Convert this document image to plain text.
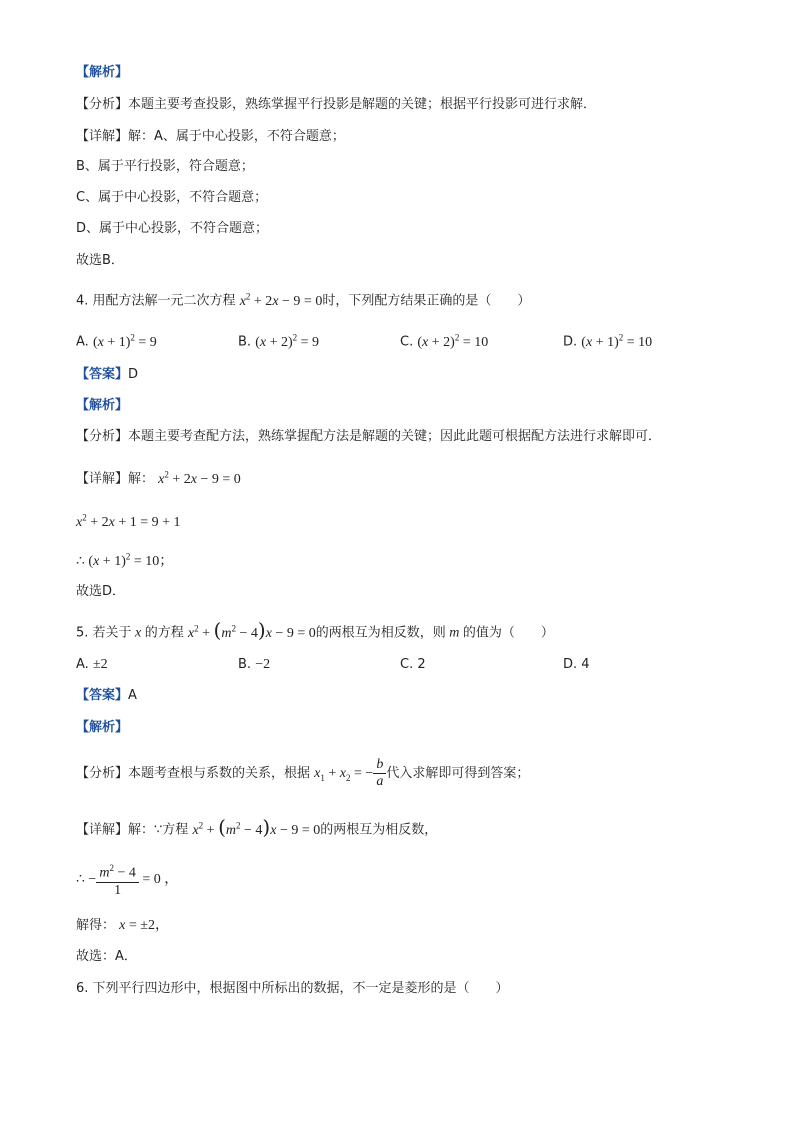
【解析】
【分析】本题主要考查投影，熟练掌握平行投影是解题的关键；根据平行投影可进行求解．
【详解】解：A、属于中心投影，不符合题意；
B、属于平行投影，符合题意；
C、属于中心投影，不符合题意；
D、属于中心投影，不符合题意；
故选B．
4. 用配方法解一元二次方程 $x^2 + 2x - 9 = 0$时，下列配方结果正确的是（　　）
A. $(x + 1)^2 = 9$	B. $(x + 2)^2 = 9$	C. $(x + 2)^2 = 10$	D. $(x + 1)^2 = 10$
【答案】D
【解析】
【分析】本题主要考查配方法，熟练掌握配方法是解题的关键；因此此题可根据配方法进行求解即可．
【详解】解： $x^2 + 2x - 9 = 0$
$x^2 + 2x + 1 = 9 + 1$
∴ $(x + 1)^2 = 10$；
故选D．
5. 若关于 x 的方程 $x^2 + (m^2 - 4)x - 9 = 0$的两根互为相反数，则 m 的值为（　　）
A. ±2	B. −2	C. 2	D. 4
【答案】A
【解析】
【分析】本题考查根与系数的关系，根据 $x_1 + x_2$ = − $\frac{b}{a}$ 代入求解即可得到答案；
【详解】解：∵方程 $x^2 + (m^2 - 4)x - 9 = 0$的两根互为相反数，
∴ − $\frac{m^2 - 4}{1} = 0$ ，
解得： x = ±2，
故选：A．
6. 下列平行四边形中，根据图中所标出的数据，不一定是菱形的是（　　）
